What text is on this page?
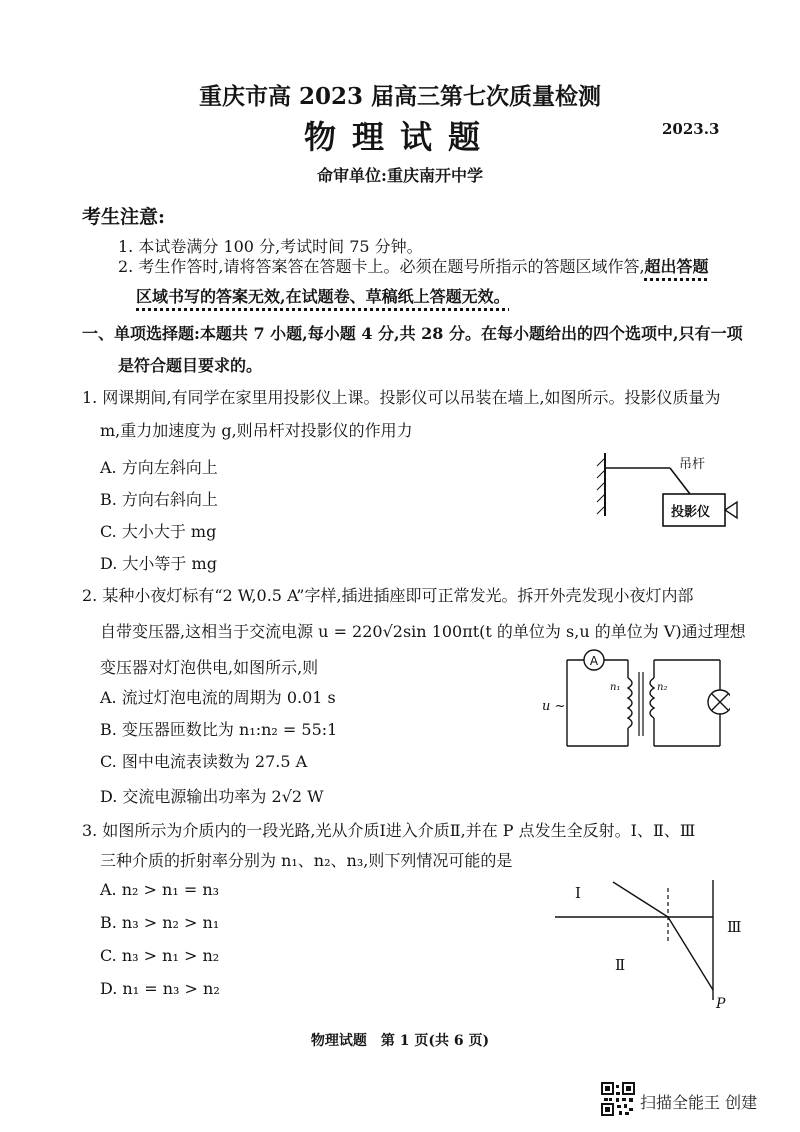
重庆市高 2023 届高三第七次质量检测
物理试题	2023.3
命审单位:重庆南开中学
考生注意:
1. 本试卷满分 100 分,考试时间 75 分钟。
2. 考生作答时,请将答案答在答题卡上。必须在题号所指示的答题区域作答,超出答题
区域书写的答案无效,在试题卷、草稿纸上答题无效。
一、单项选择题:本题共 7 小题,每小题 4 分,共 28 分。在每小题给出的四个选项中,只有一项
是符合题目要求的。
1. 网课期间,有同学在家里用投影仪上课。投影仪可以吊装在墙上,如图所示。投影仪质量为
m,重力加速度为 g,则吊杆对投影仪的作用力
A. 方向左斜向上
B. 方向右斜向上
C. 大小大于 mg
D. 大小等于 mg
吊杆
投影仪
2. 某种小夜灯标有“2 W,0.5 A”字样,插进插座即可正常发光。拆开外壳发现小夜灯内部
自带变压器,这相当于交流电源 u = 220√2sin 100πt(t 的单位为 s,u 的单位为 V)通过理想
变压器对灯泡供电,如图所示,则
A. 流过灯泡电流的周期为 0.01 s
B. 变压器匝数比为 n₁:n₂ = 55:1
C. 图中电流表读数为 27.5 A
D. 交流电源输出功率为 2√2 W
A
u ~
n₁	n₂
3. 如图所示为介质内的一段光路,光从介质Ⅰ进入介质Ⅱ,并在 P 点发生全反射。Ⅰ、Ⅱ、Ⅲ
三种介质的折射率分别为 n₁、n₂、n₃,则下列情况可能的是
A. n₂ > n₁ = n₃
B. n₃ > n₂ > n₁
C. n₃ > n₁ > n₂
D. n₁ = n₃ > n₂
Ⅰ
Ⅱ
Ⅲ
P
物理试题　第 1 页(共 6 页)
扫描全能王 创建
